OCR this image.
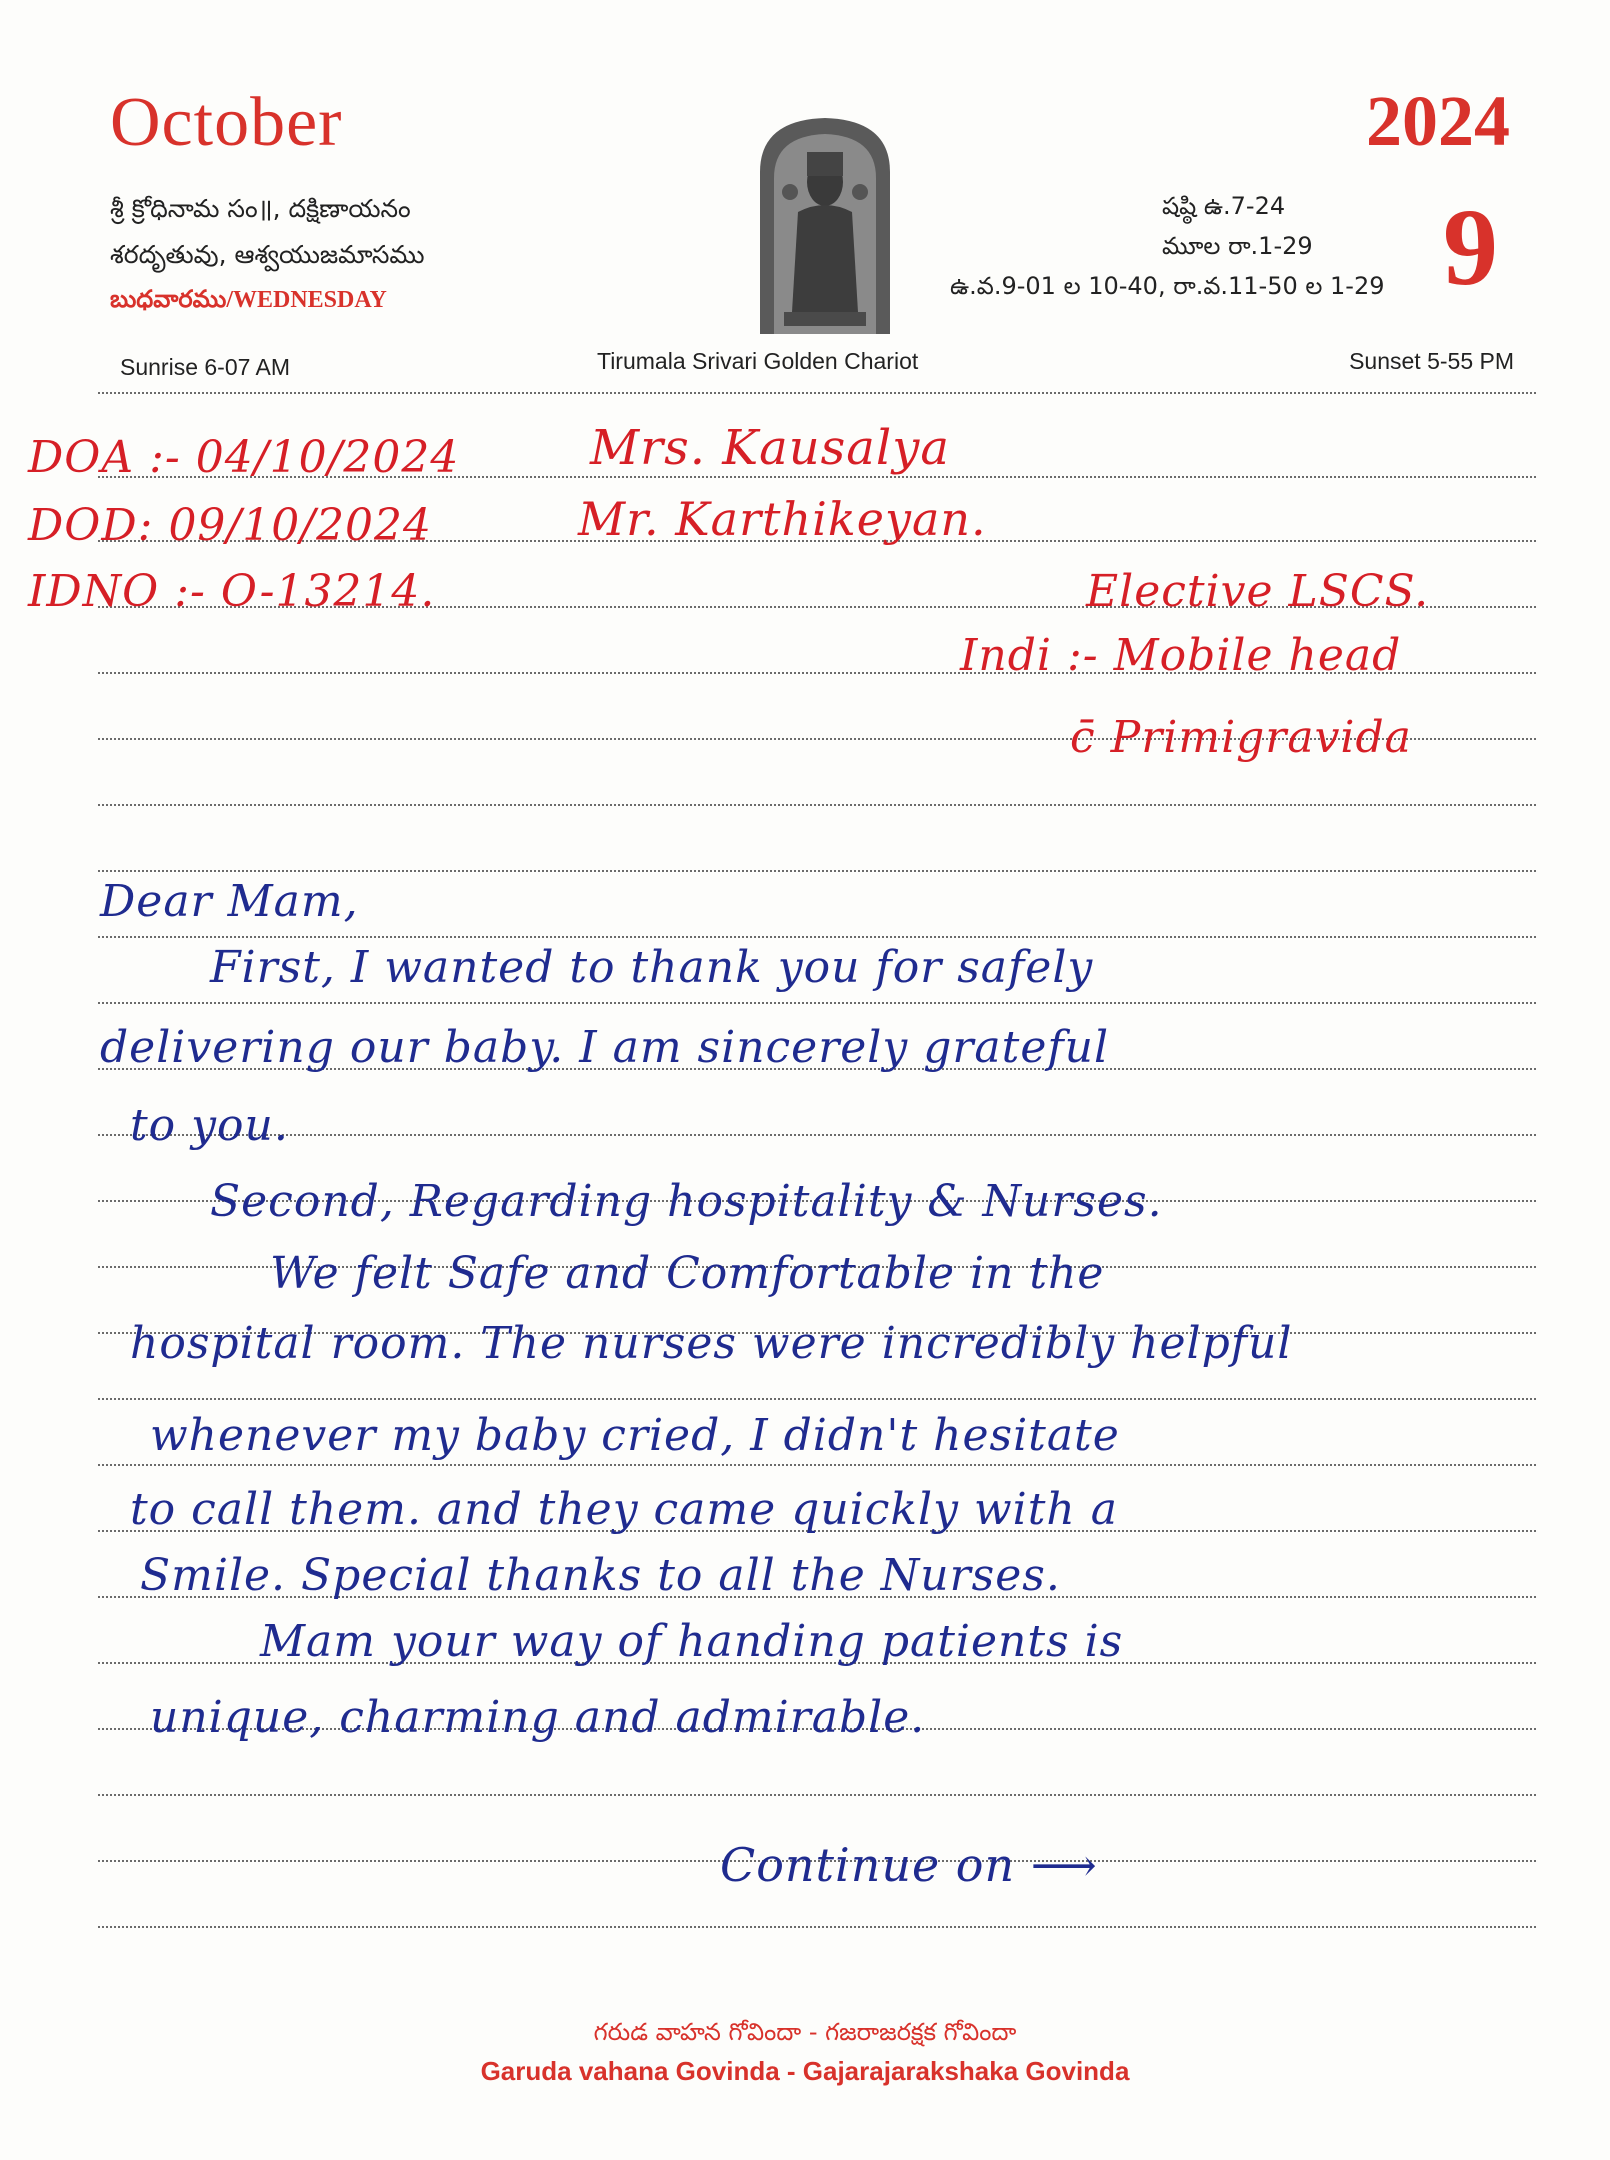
October
శ్రీ క్రోధినామ సం॥, దక్షిణాయనం
శరదృతువు, ఆశ్వయుజమాసము
బుధవారము/WEDNESDAY
2024
9
షష్ఠి ఉ.7-24
మూల రా.1-29
ఉ.వ.9-01 ల 10-40, రా.వ.11-50 ల 1-29
Sunrise 6-07 AM	Tirumala Srivari Golden Chariot	Sunset 5-55 PM
DOA :- 04/10/2024
DOD: 09/10/2024
IDNO :- O-13214.
Mrs. Kausalya
Mr. Karthikeyan.
Elective LSCS.
Indi :- Mobile head
c̄ Primigravida
Dear Mam,
First, I wanted to thank you for safely
delivering our baby. I am sincerely grateful
to you.
Second, Regarding hospitality & Nurses.
We felt Safe and Comfortable in the
hospital room. The nurses were incredibly helpful
whenever my baby cried, I didn't hesitate
to call them. and they came quickly with a
Smile. Special thanks to all the Nurses.
Mam your way of handing patients is
unique, charming and admirable.
Continue on ⟶
గరుడ వాహన గోవిందా - గజరాజరక్షక గోవిందా
Garuda vahana Govinda - Gajarajarakshaka Govinda
